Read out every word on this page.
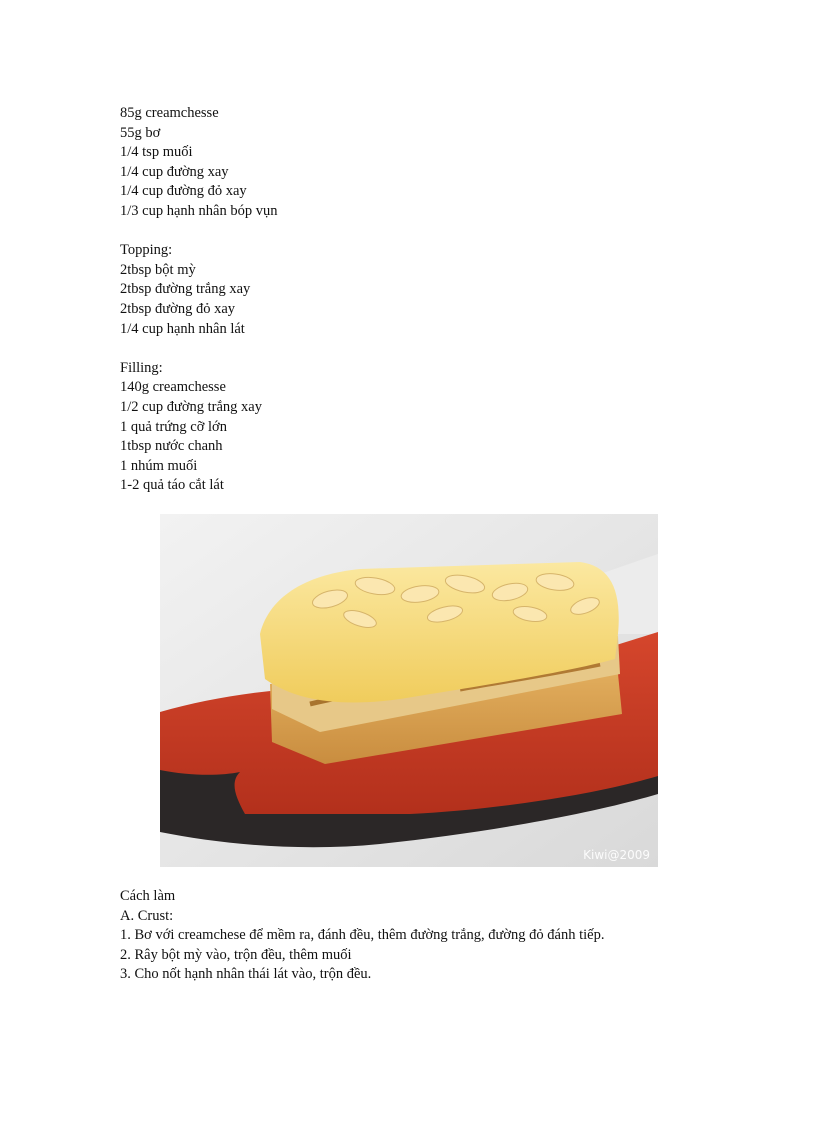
85g creamchesse
55g bơ
1/4 tsp muối
1/4 cup đường xay
1/4 cup đường đỏ xay
1/3 cup hạnh nhân bóp vụn
Topping:
2tbsp bột mỳ
2tbsp đường trắng xay
2tbsp đường đỏ xay
1/4 cup hạnh nhân lát
Filling:
140g creamchesse
1/2 cup đường trắng xay
1 quả trứng cỡ lớn
1tbsp nước chanh
1 nhúm muối
1-2 quả táo cắt lát
Kiwi@2009
Cách làm
A. Crust:
1. Bơ với creamchese để mềm ra, đánh đều, thêm đường trắng, đường đỏ đánh tiếp.
2. Rây bột mỳ vào, trộn đều, thêm muối
3. Cho nốt hạnh nhân thái lát vào, trộn đều.
